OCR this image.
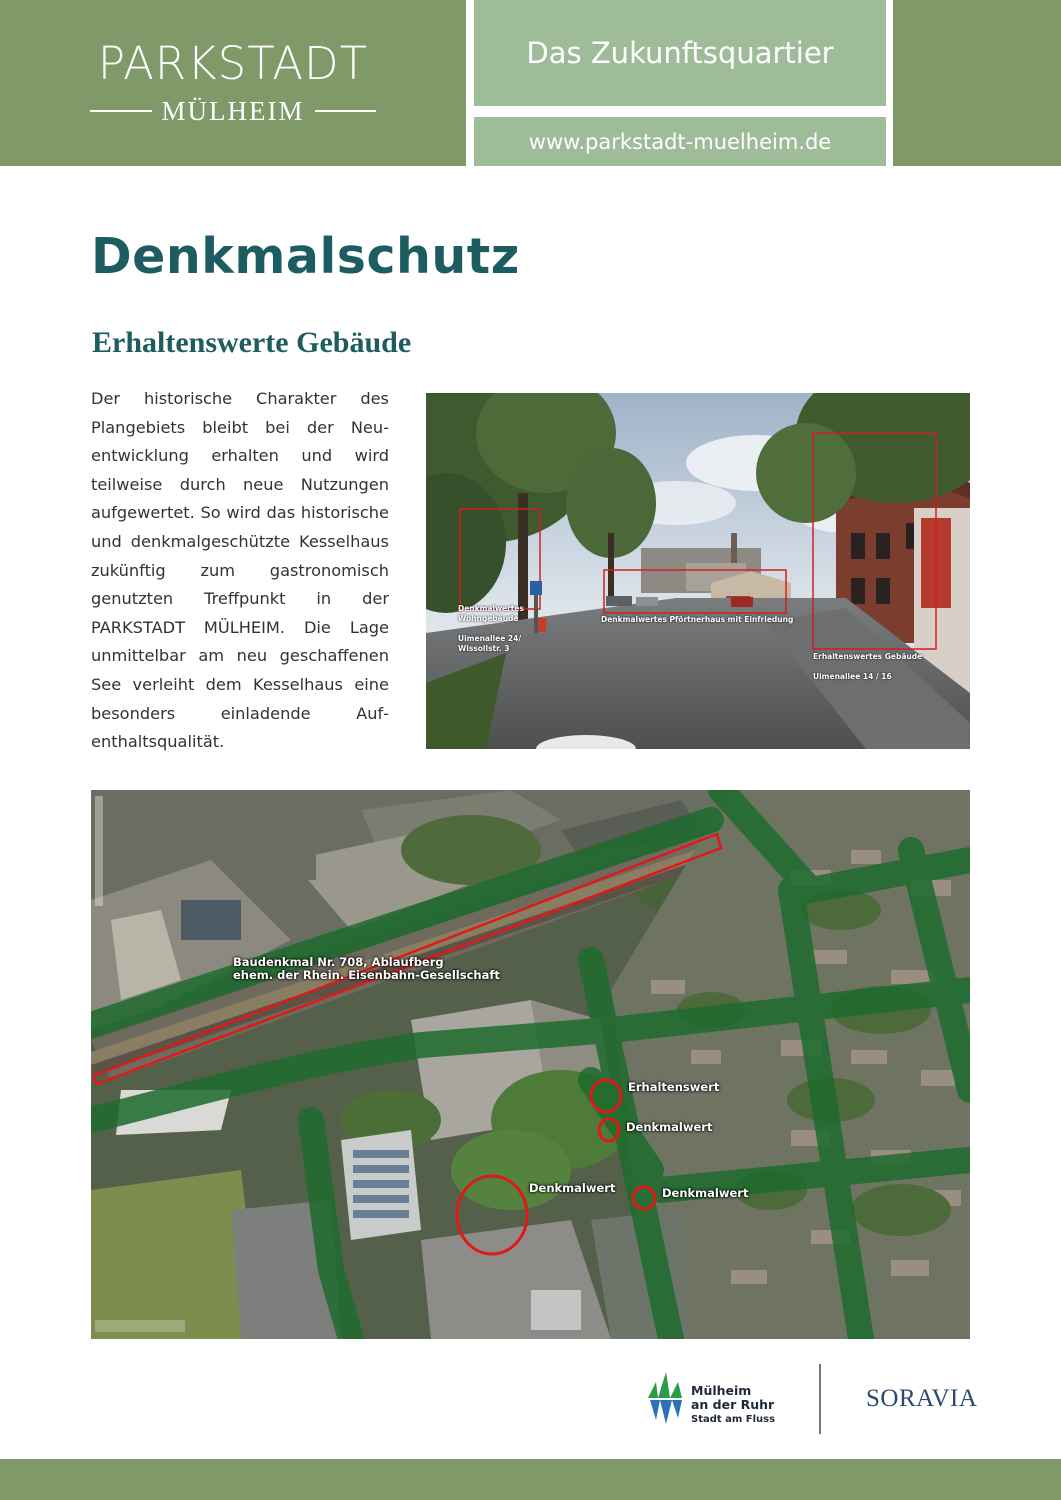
PARKSTADT
MÜLHEIM
Das Zukunftsquartier
www.parkstadt-muelheim.de
Denkmalschutz
Erhaltenswerte Gebäude

Der historische Charakter des Plangebiets bleibt bei der Neuentwicklung erhalten und wird teilweise durch neue Nutzungen aufgewertet. So wird das historische und denkmalgeschützte Kesselhaus zukünftig zum gastronomisch genutzten Treffpunkt in der PARKSTADT MÜLHEIM. Die Lage unmittelbar am neu geschaffenen See verleiht dem Kesselhaus eine besonders einladende Aufenthaltsqualität.

Denkmalwertes
Wohngebäude

Uimenallee 24/
Wissollstr. 3
Denkmalwertes Pförtnerhaus mit Einfriedung
Erhaltenswertes Gebäude

Uimenallee 14 / 16
Baudenkmal Nr. 708, Ablaufberg
ehem. der Rhein. Eisenbahn-Gesellschaft
Erhaltenswert
Denkmalwert
Denkmalwert
Denkmalwert
Mülheim
an der Ruhr
Stadt am Fluss
SORAVIA
